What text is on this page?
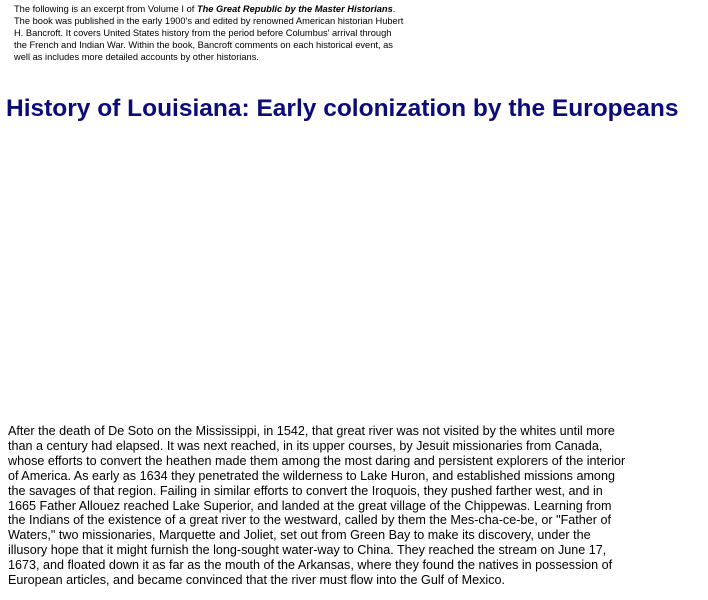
The following is an excerpt from Volume I of The Great Republic by the Master Historians. The book was published in the early 1900's and edited by renowned American historian Hubert H. Bancroft. It covers United States history from the period before Columbus' arrival through the French and Indian War. Within the book, Bancroft comments on each historical event, as well as includes more detailed accounts by other historians.

History of Louisiana: Early colonization by the Europeans

After the death of De Soto on the Mississippi, in 1542, that great river was not visited by the whites until more than a century had elapsed. It was next reached, in its upper courses, by Jesuit missionaries from Canada, whose efforts to convert the heathen made them among the most daring and persistent explorers of the interior of America. As early as 1634 they penetrated the wilderness to Lake Huron, and established missions among the savages of that region. Failing in similar efforts to convert the Iroquois, they pushed farther west, and in 1665 Father Allouez reached Lake Superior, and landed at the great village of the Chippewas. Learning from the Indians of the existence of a great river to the westward, called by them the Mes-cha-ce-be, or "Father of Waters," two missionaries, Marquette and Joliet, set out from Green Bay to make its discovery, under the illusory hope that it might furnish the long-sought water-way to China. They reached the stream on June 17, 1673, and floated down it as far as the mouth of the Arkansas, where they found the natives in possession of European articles, and became convinced that the river must flow into the Gulf of Mexico.
